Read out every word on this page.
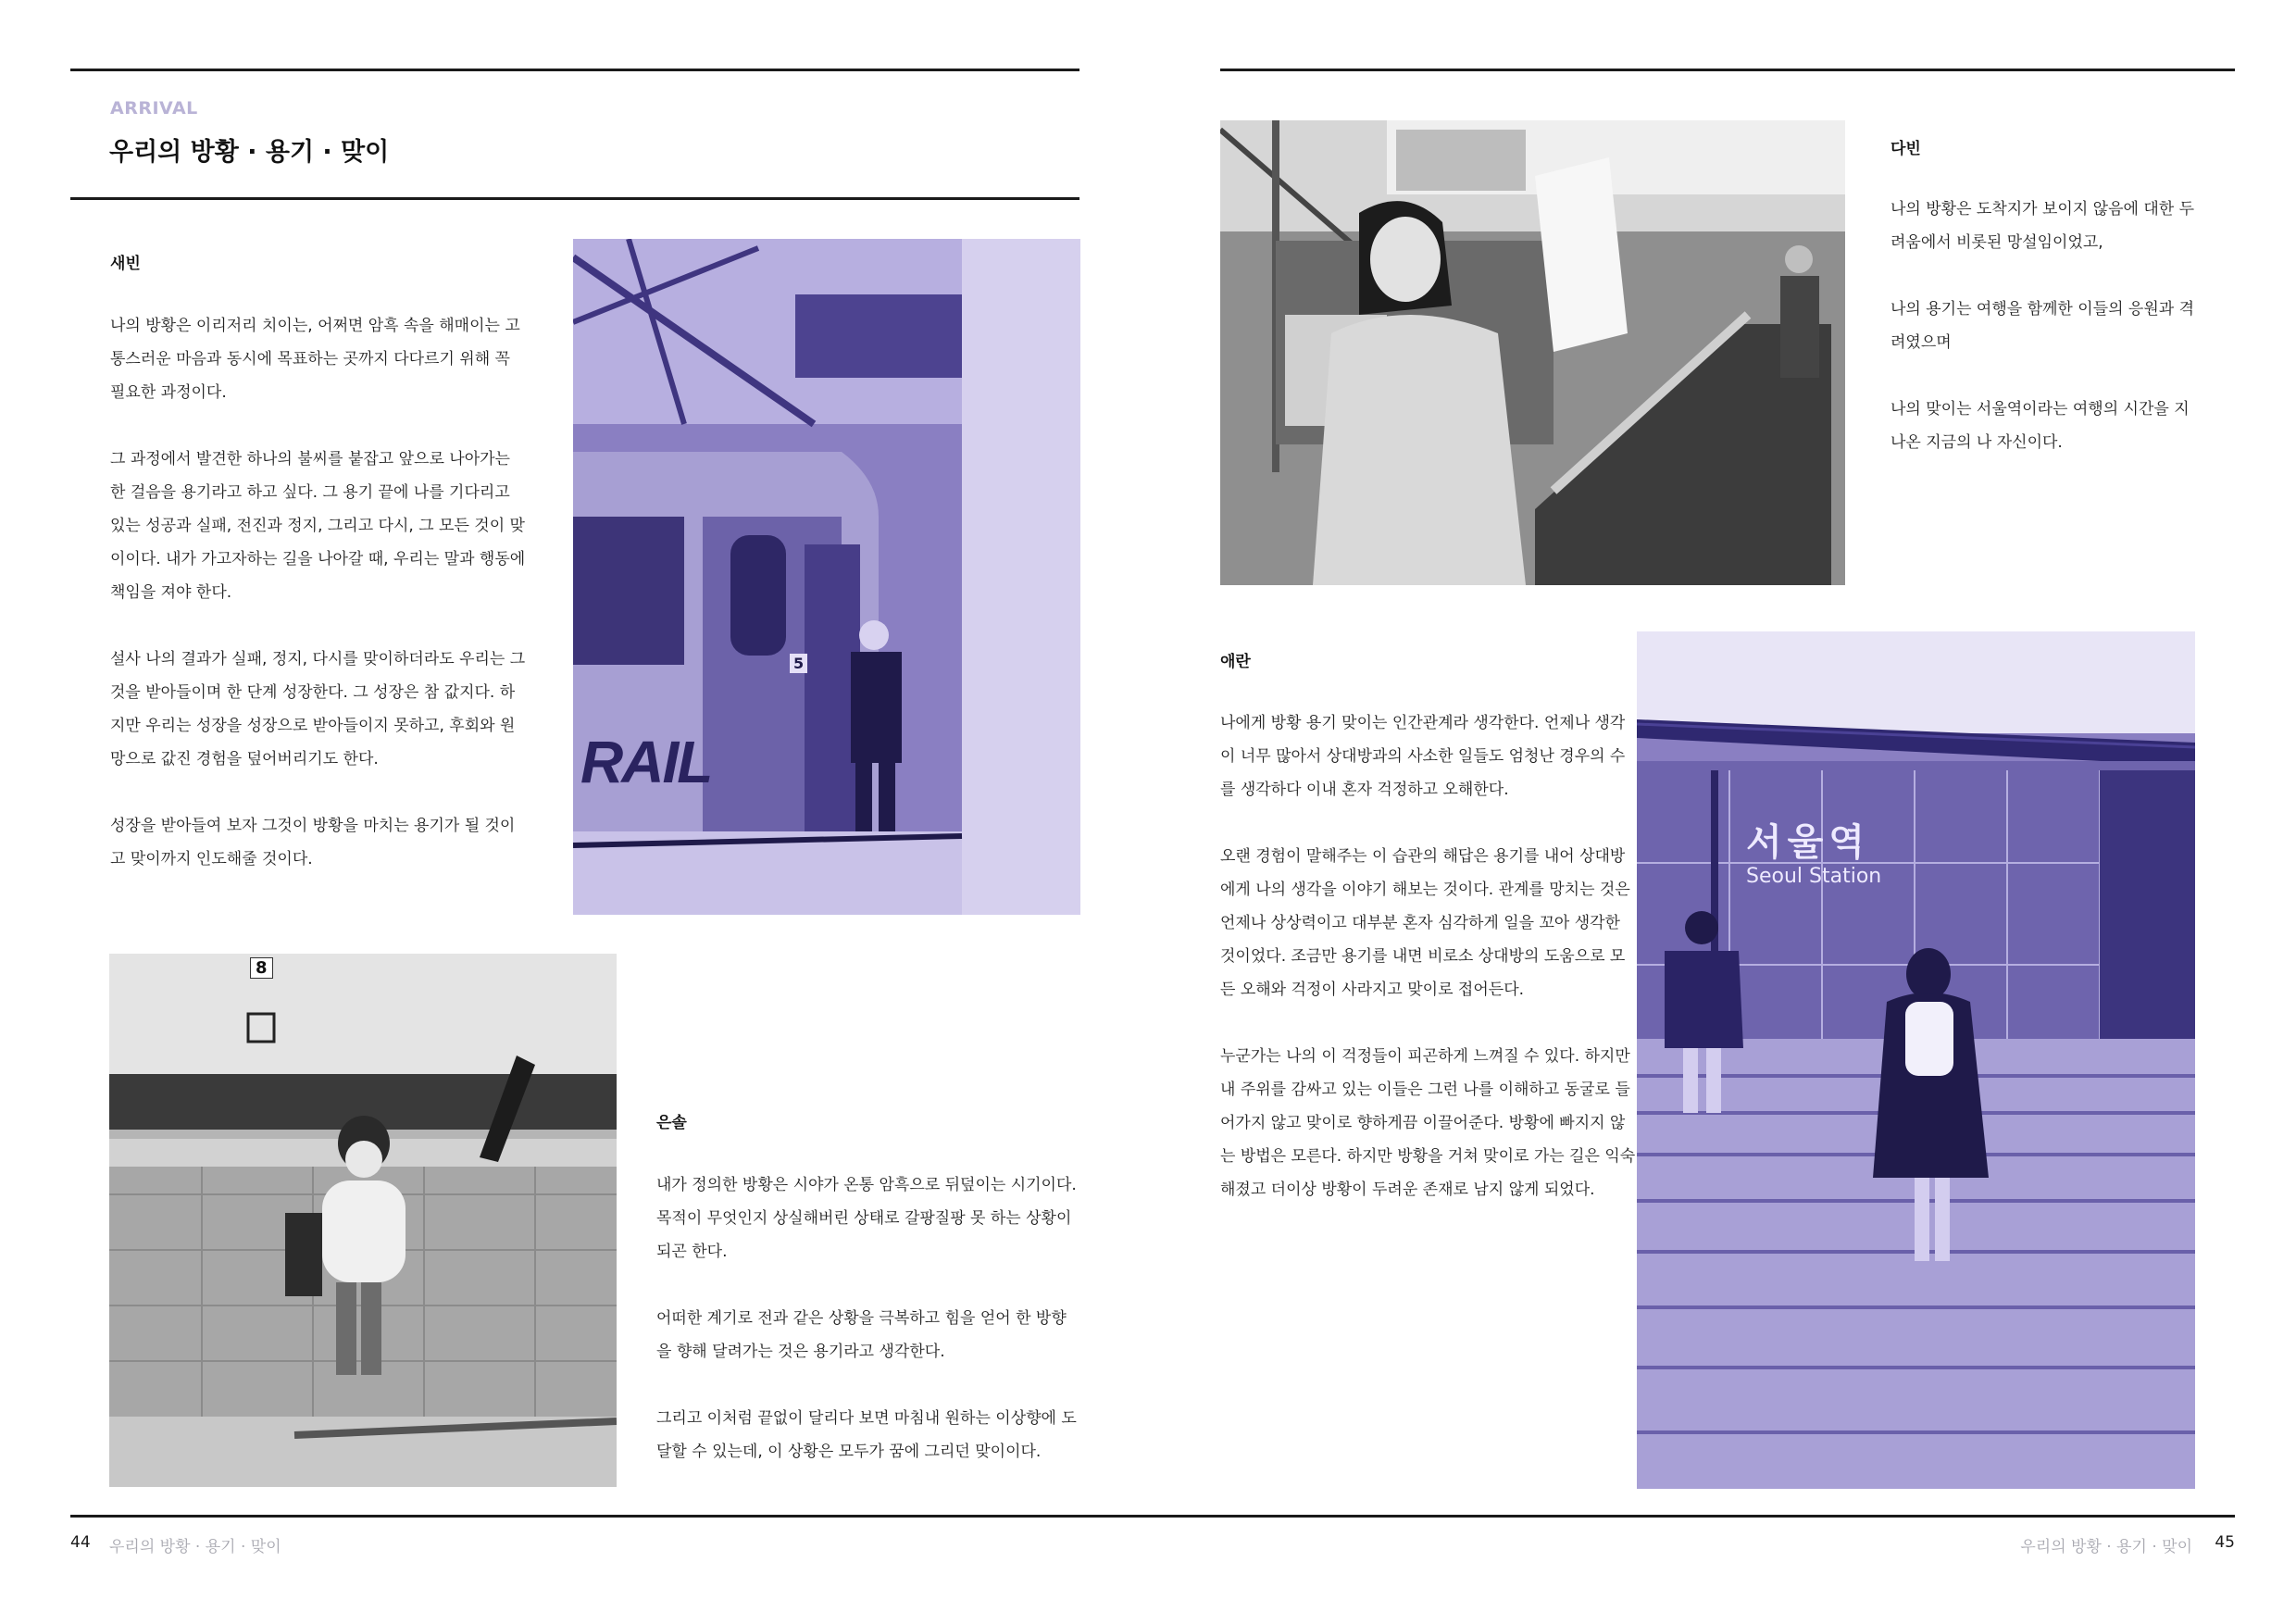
ARRIVAL
우리의 방황 · 용기 · 맞이
새빈

나의 방황은 이리저리 치이는, 어쩌면 암흑 속을 해매이는 고통스러운 마음과 동시에 목표하는 곳까지 다다르기 위해 꼭 필요한 과정이다.

그 과정에서 발견한 하나의 불씨를 붙잡고 앞으로 나아가는 한 걸음을 용기라고 하고 싶다. 그 용기 끝에 나를 기다리고 있는 성공과 실패, 전진과 정지, 그리고 다시, 그 모든 것이 맞이이다. 내가 가고자하는 길을 나아갈 때, 우리는 말과 행동에 책임을 져야 한다.

설사 나의 결과가 실패, 정지, 다시를 맞이하더라도 우리는 그것을 받아들이며 한 단계 성장한다. 그 성장은 참 값지다. 하지만 우리는 성장을 성장으로 받아들이지 못하고, 후회와 원망으로 값진 경험을 덮어버리기도 한다.

성장을 받아들여 보자 그것이 방황을 마치는 용기가 될 것이고 맞이까지 인도해줄 것이다.

RAIL
5
8
은솔

내가 정의한 방황은 시야가 온통 암흑으로 뒤덮이는 시기이다. 목적이 무엇인지 상실해버린 상태로 갈팡질팡 못 하는 상황이 되곤 한다.

어떠한 계기로 전과 같은 상황을 극복하고 힘을 얻어 한 방향을 향해 달려가는 것은 용기라고 생각한다.

그리고 이처럼 끝없이 달리다 보면 마침내 원하는 이상향에 도달할 수 있는데, 이 상황은 모두가 꿈에 그리던 맞이이다.

다빈

나의 방황은 도착지가 보이지 않음에 대한 두려움에서 비롯된 망설임이었고,

나의 용기는 여행을 함께한 이들의 응원과 격려였으며

나의 맞이는 서울역이라는 여행의 시간을 지나온 지금의 나 자신이다.

애란

나에게 방황 용기 맞이는 인간관계라 생각한다. 언제나 생각이 너무 많아서 상대방과의 사소한 일들도 엄청난 경우의 수를 생각하다 이내 혼자 걱정하고 오해한다.

오랜 경험이 말해주는 이 습관의 해답은 용기를 내어 상대방에게 나의 생각을 이야기 해보는 것이다. 관계를 망치는 것은 언제나 상상력이고 대부분 혼자 심각하게 일을 꼬아 생각한 것이었다. 조금만 용기를 내면 비로소 상대방의 도움으로 모든 오해와 걱정이 사라지고 맞이로 접어든다.

누군가는 나의 이 걱정들이 피곤하게 느껴질 수 있다. 하지만 내 주위를 감싸고 있는 이들은 그런 나를 이해하고 동굴로 들어가지 않고 맞이로 향하게끔 이끌어준다. 방황에 빠지지 않는 방법은 모른다. 하지만 방황을 거쳐 맞이로 가는 길은 익숙해졌고 더이상 방황이 두려운 존재로 남지 않게 되었다.

서울역
Seoul Station
44 우리의 방황 · 용기 · 맞이	우리의 방황 · 용기 · 맞이 45
